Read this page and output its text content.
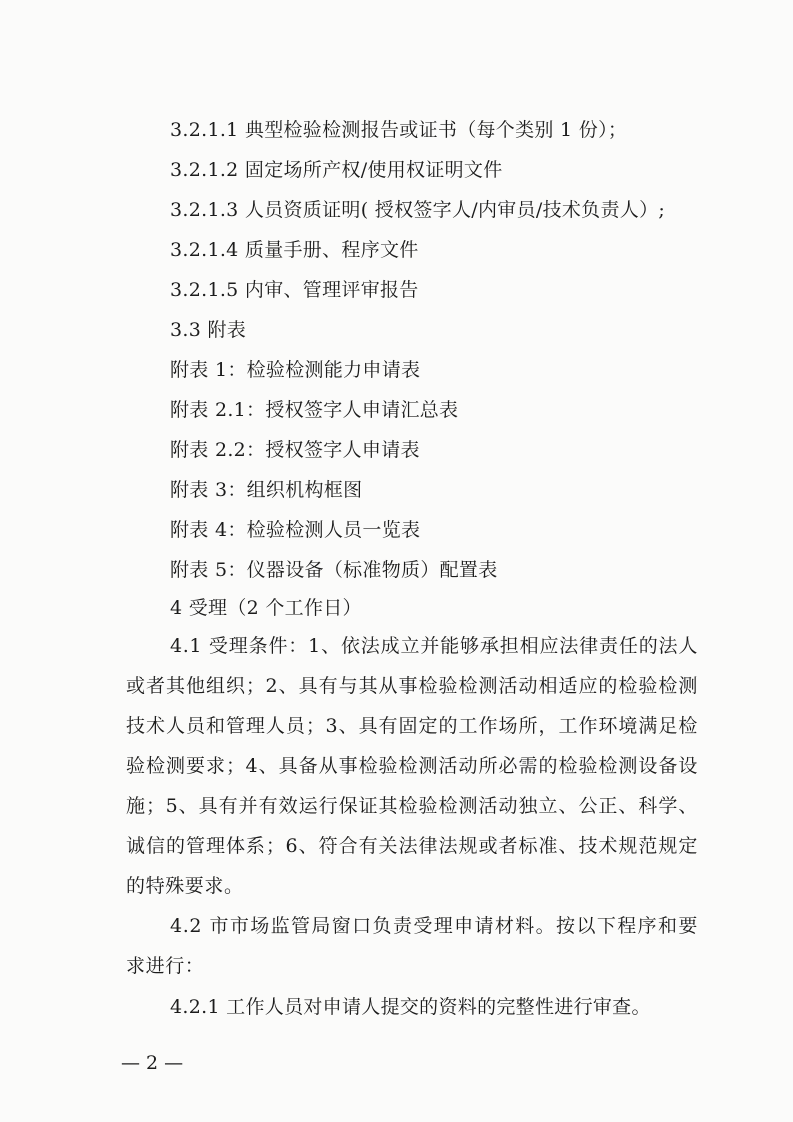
3.2.1.1 典型检验检测报告或证书（每个类别 1 份）；
3.2.1.2 固定场所产权/使用权证明文件
3.2.1.3 人员资质证明( 授权签字人/内审员/技术负责人）;
3.2.1.4 质量手册、程序文件
3.2.1.5 内审、管理评审报告
3.3 附表
附表 1：检验检测能力申请表
附表 2.1：授权签字人申请汇总表
附表 2.2：授权签字人申请表
附表 3：组织机构框图
附表 4：检验检测人员一览表
附表 5：仪器设备（标准物质）配置表
4 受理（2 个工作日）
4.1 受理条件：1、依法成立并能够承担相应法律责任的法人或者其他组织；2、具有与其从事检验检测活动相适应的检验检测技术人员和管理人员；3、具有固定的工作场所，工作环境满足检验检测要求；4、具备从事检验检测活动所必需的检验检测设备设施；5、具有并有效运行保证其检验检测活动独立、公正、科学、诚信的管理体系；6、符合有关法律法规或者标准、技术规范规定的特殊要求。
4.2 市市场监管局窗口负责受理申请材料。按以下程序和要求进行：
4.2.1 工作人员对申请人提交的资料的完整性进行审查。
— 2 —
